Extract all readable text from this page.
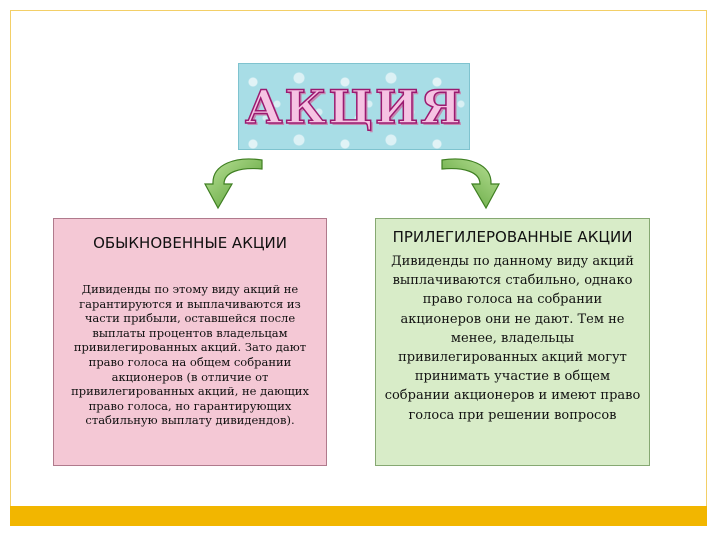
АКЦИЯ
ОБЫКНОВЕННЫЕ АКЦИИ
Дивиденды по этому виду акций не гарантируются и выплачиваются из части прибыли, оставшейся после выплаты процентов владельцам привилегированных акций. Зато дают право голоса на общем собрании акционеров (в отличие от привилегированных акций, не дающих право голоса, но гарантирующих стабильную выплату дивидендов).
ПРИЛЕГИЛЕРОВАННЫЕ АКЦИИ
Дивиденды по данному виду акций выплачиваются стабильно, однако право голоса на собрании акционеров они не дают. Тем не менее, владельцы привилегированных акций могут принимать участие в общем собрании акционеров и имеют право голоса при решении вопросов
